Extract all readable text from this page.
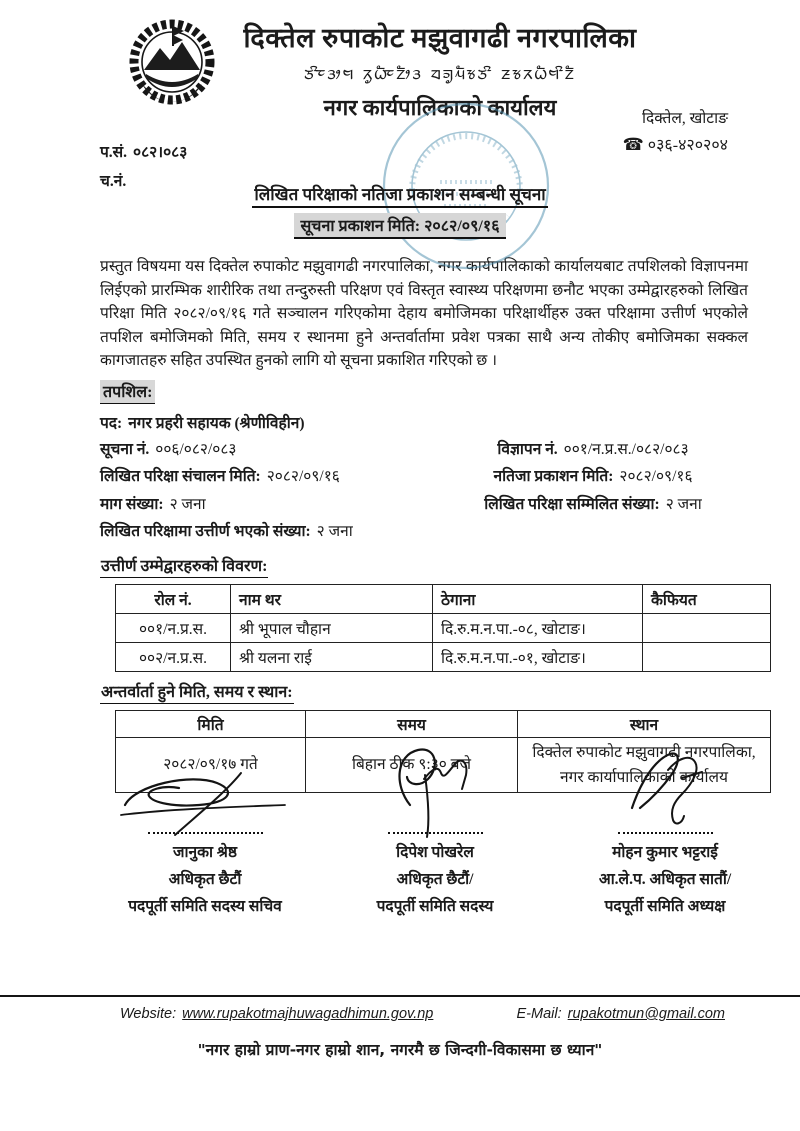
दिक्तेल रुपाकोट मझुवागढी नगरपालिका
ᤍᤡᤰᤋᤣᤗ ᤖᤢᤐᤠᤰᤁᤥᤋ ᤔᤈᤢᤘᤠᤃᤍᤡ ᤏᤃᤖᤐᤠᤗᤡᤁᤠ
नगर कार्यपालिकाको कार्यालय	दिक्तेल, खोटाङ
☎ ०३६-४२०२०४
प.सं. ०८२।०८३
च.नं.
लिखित परिक्षाको नतिजा प्रकाशन सम्बन्धी सूचना
सूचना प्रकाशन मिति: २०८२/०९/१६

प्रस्तुत विषयमा यस दिक्तेल रुपाकोट मझुवागढी नगरपालिका, नगर कार्यपालिकाको कार्यालयबाट तपशिलको विज्ञापनमा लिईएको प्रारम्भिक शारीरिक तथा तन्दुरुस्ती परिक्षण एवं विस्तृत स्वास्थ्य परिक्षणमा छनौट भएका उम्मेद्वारहरुको लिखित परिक्षा मिति २०८२/०९/१६ गते सञ्चालन गरिएकोमा देहाय बमोजिमका परिक्षार्थीहरु उक्त परिक्षामा उत्तीर्ण भएकोले तपशिल बमोजिमको मिति, समय र स्थानमा हुने अन्तर्वार्तामा प्रवेश पत्रका साथै अन्य तोकीए बमोजिमका सक्कल कागजातहरु सहित उपस्थित हुनको लागि यो सूचना प्रकाशित गरिएको छ ।

तपशिल:
पद: नगर प्रहरी सहायक (श्रेणीविहीन)
सूचना नं. ००६/०८२/०८३	विज्ञापन नं. ००१/न.प्र.स./०८२/०८३
लिखित परिक्षा संचालन मिति: २०८२/०९/१६	नतिजा प्रकाशन मिति: २०८२/०९/१६
माग संख्या: २ जना	लिखित परिक्षा सम्मिलित संख्या: २ जना
लिखित परिक्षामा उत्तीर्ण भएको संख्या: २ जना
उत्तीर्ण उम्मेद्वारहरुको विवरण:
रोल नं.	नाम थर	ठेगाना	कैफियत
००१/न.प्र.स.	श्री भूपाल चौहान	दि.रु.म.न.पा.-०८, खोटाङ।	
००२/न.प्र.स.	श्री यलना राई	दि.रु.म.न.पा.-०१, खोटाङ।	
अन्तर्वार्ता हुने मिति, समय र स्थान:
मिति	समय	स्थान
२०८२/०९/१७ गते	बिहान ठीक ९:३० बजे	दिक्तेल रुपाकोट मझुवागढी नगरपालिका, नगर कार्यापालिकाको कार्यालय
जानुका श्रेष्ठ
अधिकृत छैटौं
पदपूर्ती समिति सदस्य सचिव
दिपेश पोखरेल
अधिकृत छैटौं/
पदपूर्ती समिति सदस्य
मोहन कुमार भट्टराई
आ.ले.प. अधिकृत सातौं/
पदपूर्ती समिति अध्यक्ष
Website: www.rupakotmajhuwagadhimun.gov.np	E-Mail: rupakotmun@gmail.com
"नगर हाम्रो प्राण-नगर हाम्रो शान, नगरमै छ जिन्दगी-विकासमा छ ध्यान"
